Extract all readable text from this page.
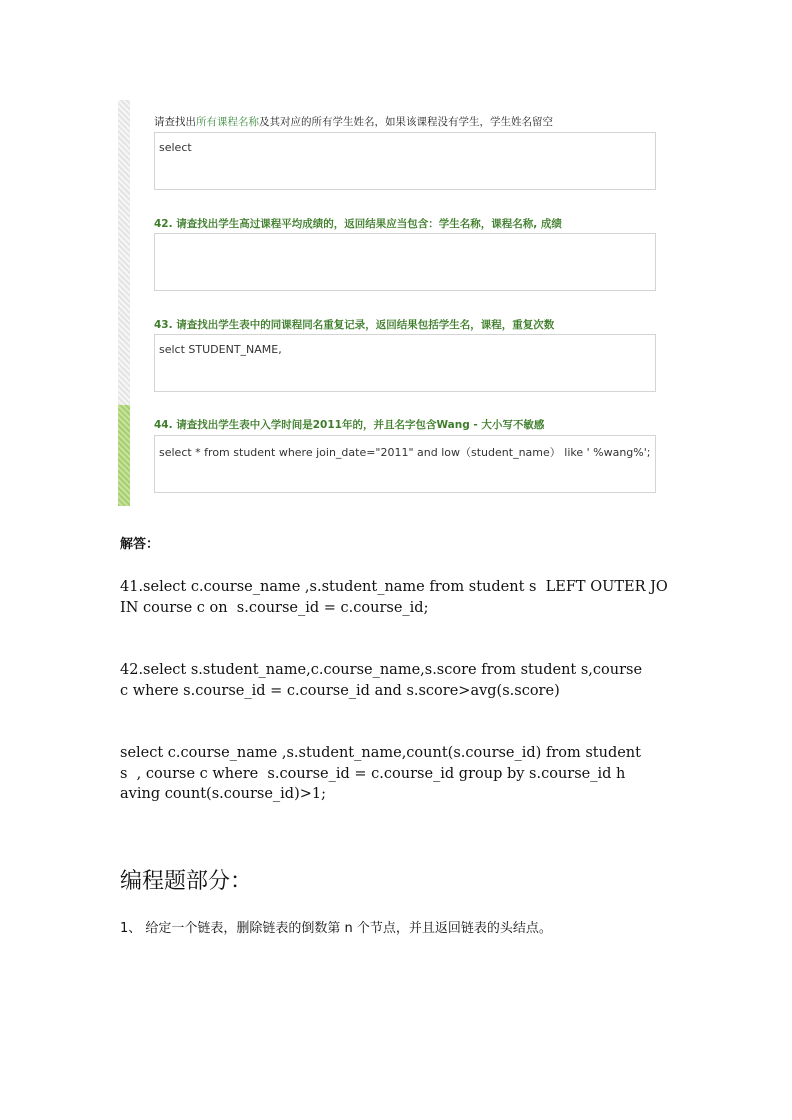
请查找出所有课程名称及其对应的所有学生姓名，如果该课程没有学生，学生姓名留空
select
42. 请查找出学生高过课程平均成绩的，返回结果应当包含：学生名称，课程名称, 成绩
43. 请查找出学生表中的同课程同名重复记录，返回结果包括学生名，课程，重复次数
selct STUDENT_NAME,
44. 请查找出学生表中入学时间是2011年的，并且名字包含Wang - 大小写不敏感
select * from student where join_date="2011" and low（student_name） like ' %wang%';
解答：
41.select c.course_name ,s.student_name from student s  LEFT OUTER JO
IN course c on  s.course_id = c.course_id;
42.select s.student_name,c.course_name,s.score from student s,course
c where s.course_id = c.course_id and s.score>avg(s.score)
select c.course_name ,s.student_name,count(s.course_id) from student
s  , course c where  s.course_id = c.course_id group by s.course_id h
aving count(s.course_id)>1;
编程题部分：
1、 给定一个链表，删除链表的倒数第 n 个节点，并且返回链表的头结点。
